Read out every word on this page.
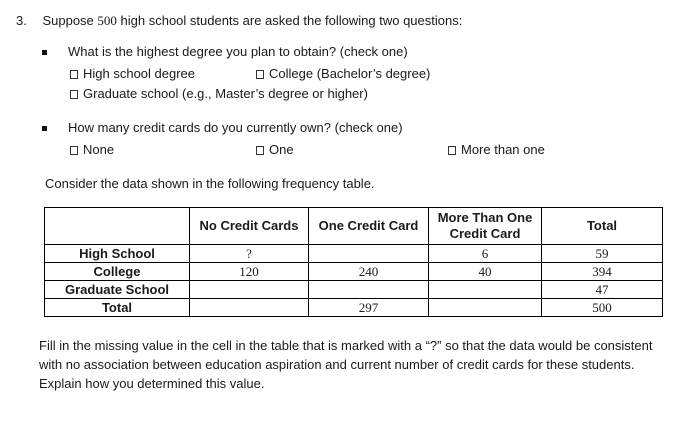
3. Suppose 500 high school students are asked the following two questions:
What is the highest degree you plan to obtain? (check one)
High school degree	College (Bachelor’s degree)
Graduate school (e.g., Master’s degree or higher)
How many credit cards do you currently own? (check one)
None	One	More than one
Consider the data shown in the following frequency table.
	No Credit Cards	One Credit Card	More Than One Credit Card	Total
High School	?		6	59
College	120	240	40	394
Graduate School				47
Total		297		500
Fill in the missing value in the cell in the table that is marked with a “?” so that the data would be consistent with no association between education aspiration and current number of credit cards for these students. Explain how you determined this value.
